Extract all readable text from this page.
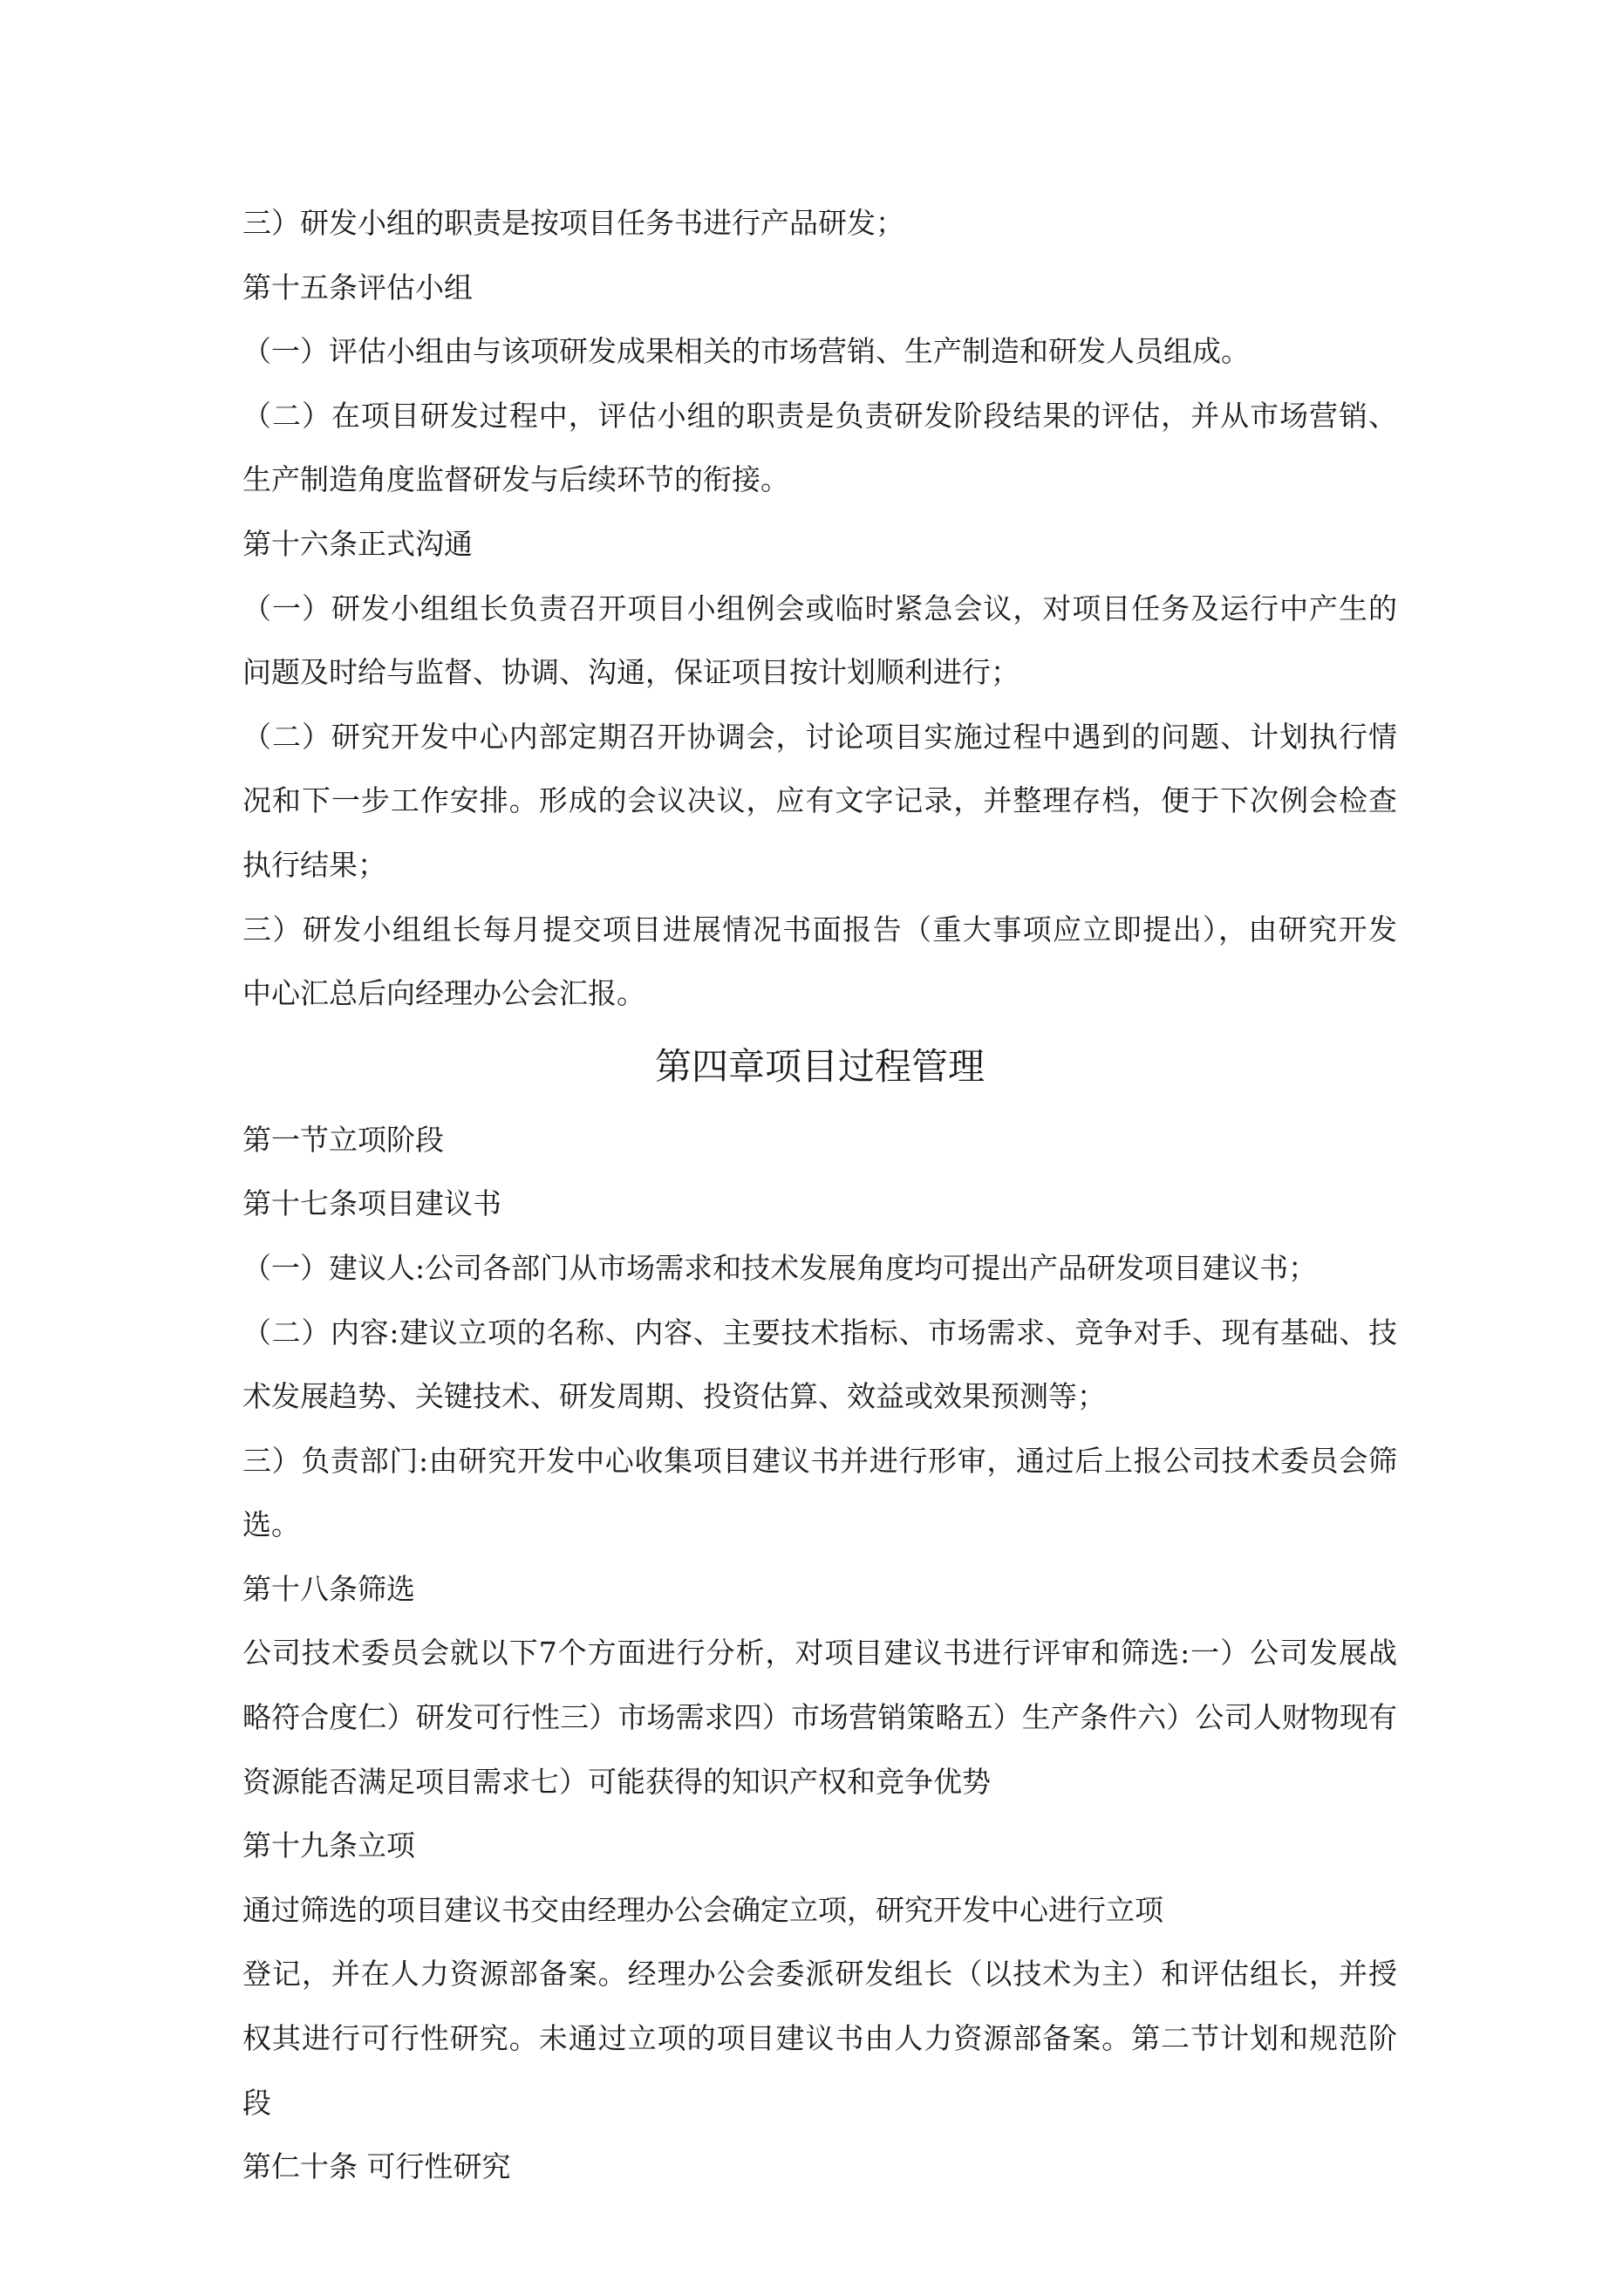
三）研发小组的职责是按项目任务书进行产品研发；
第十五条评估小组
（一）评估小组由与该项研发成果相关的市场营销、生产制造和研发人员组成。
（二）在项目研发过程中，评估小组的职责是负责研发阶段结果的评估，并从市场营销、
生产制造角度监督研发与后续环节的衔接。
第十六条正式沟通
（一）研发小组组长负责召开项目小组例会或临时紧急会议，对项目任务及运行中产生的
问题及时给与监督、协调、沟通，保证项目按计划顺利进行；
（二）研究开发中心内部定期召开协调会，讨论项目实施过程中遇到的问题、计划执行情
况和下一步工作安排。形成的会议决议，应有文字记录，并整理存档，便于下次例会检查
执行结果；
三）研发小组组长每月提交项目进展情况书面报告（重大事项应立即提出），由研究开发
中心汇总后向经理办公会汇报。
第四章项目过程管理
第一节立项阶段
第十七条项目建议书
（一）建议人:公司各部门从市场需求和技术发展角度均可提出产品研发项目建议书；
（二）内容:建议立项的名称、内容、主要技术指标、市场需求、竞争对手、现有基础、技
术发展趋势、关键技术、研发周期、投资估算、效益或效果预测等；
三）负责部门:由研究开发中心收集项目建议书并进行形审，通过后上报公司技术委员会筛
选。
第十八条筛选
公司技术委员会就以下7个方面进行分析，对项目建议书进行评审和筛选:一）公司发展战
略符合度仁）研发可行性三）市场需求四）市场营销策略五）生产条件六）公司人财物现有
资源能否满足项目需求七）可能获得的知识产权和竞争优势
第十九条立项
通过筛选的项目建议书交由经理办公会确定立项，研究开发中心进行立项
登记，并在人力资源部备案。经理办公会委派研发组长（以技术为主）和评估组长，并授
权其进行可行性研究。未通过立项的项目建议书由人力资源部备案。第二节计划和规范阶
段
第仁十条 可行性研究
